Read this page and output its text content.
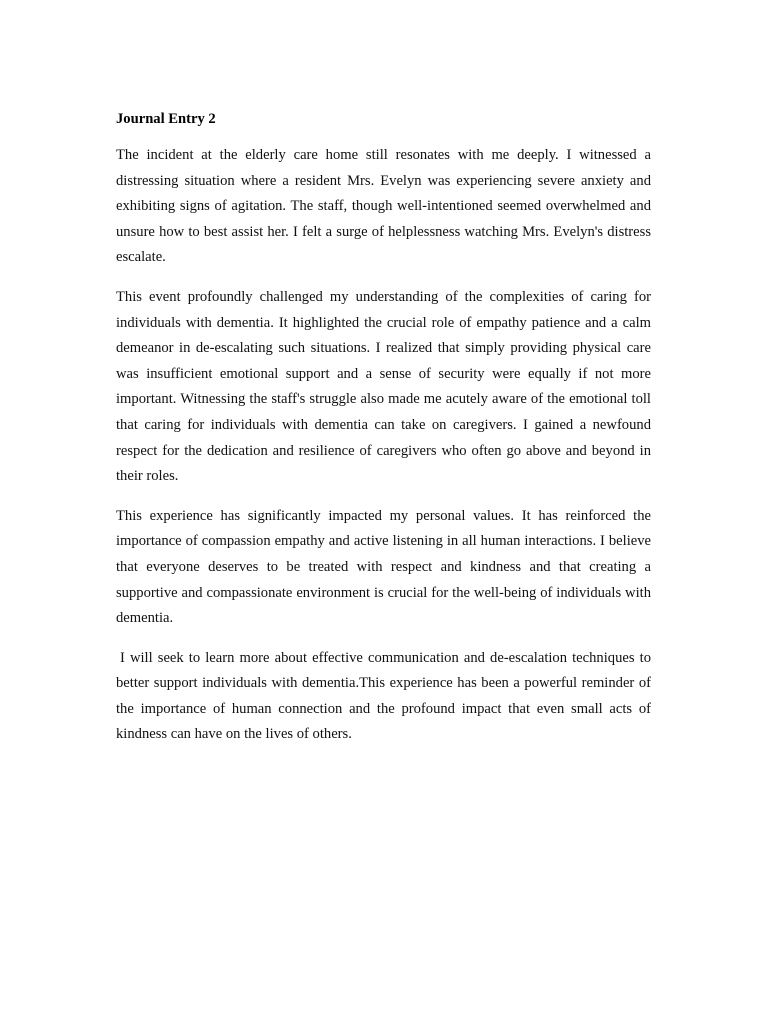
Journal Entry 2

The incident at the elderly care home still resonates with me deeply. I witnessed a distressing situation where a resident Mrs. Evelyn was experiencing severe anxiety and exhibiting signs of agitation. The staff, though well-intentioned seemed overwhelmed and unsure how to best assist her. I felt a surge of helplessness watching Mrs. Evelyn's distress escalate.

This event profoundly challenged my understanding of the complexities of caring for individuals with dementia. It highlighted the crucial role of empathy patience and a calm demeanor in de-escalating such situations. I realized that simply providing physical care was insufficient emotional support and a sense of security were equally if not more important. Witnessing the staff's struggle also made me acutely aware of the emotional toll that caring for individuals with dementia can take on caregivers. I gained a newfound respect for the dedication and resilience of caregivers who often go above and beyond in their roles.

This experience has significantly impacted my personal values. It has reinforced the importance of compassion empathy and active listening in all human interactions. I believe that everyone deserves to be treated with respect and kindness and that creating a supportive and compassionate environment is crucial for the well-being of individuals with dementia.

I will seek to learn more about effective communication and de-escalation techniques to better support individuals with dementia.This experience has been a powerful reminder of the importance of human connection and the profound impact that even small acts of kindness can have on the lives of others.
